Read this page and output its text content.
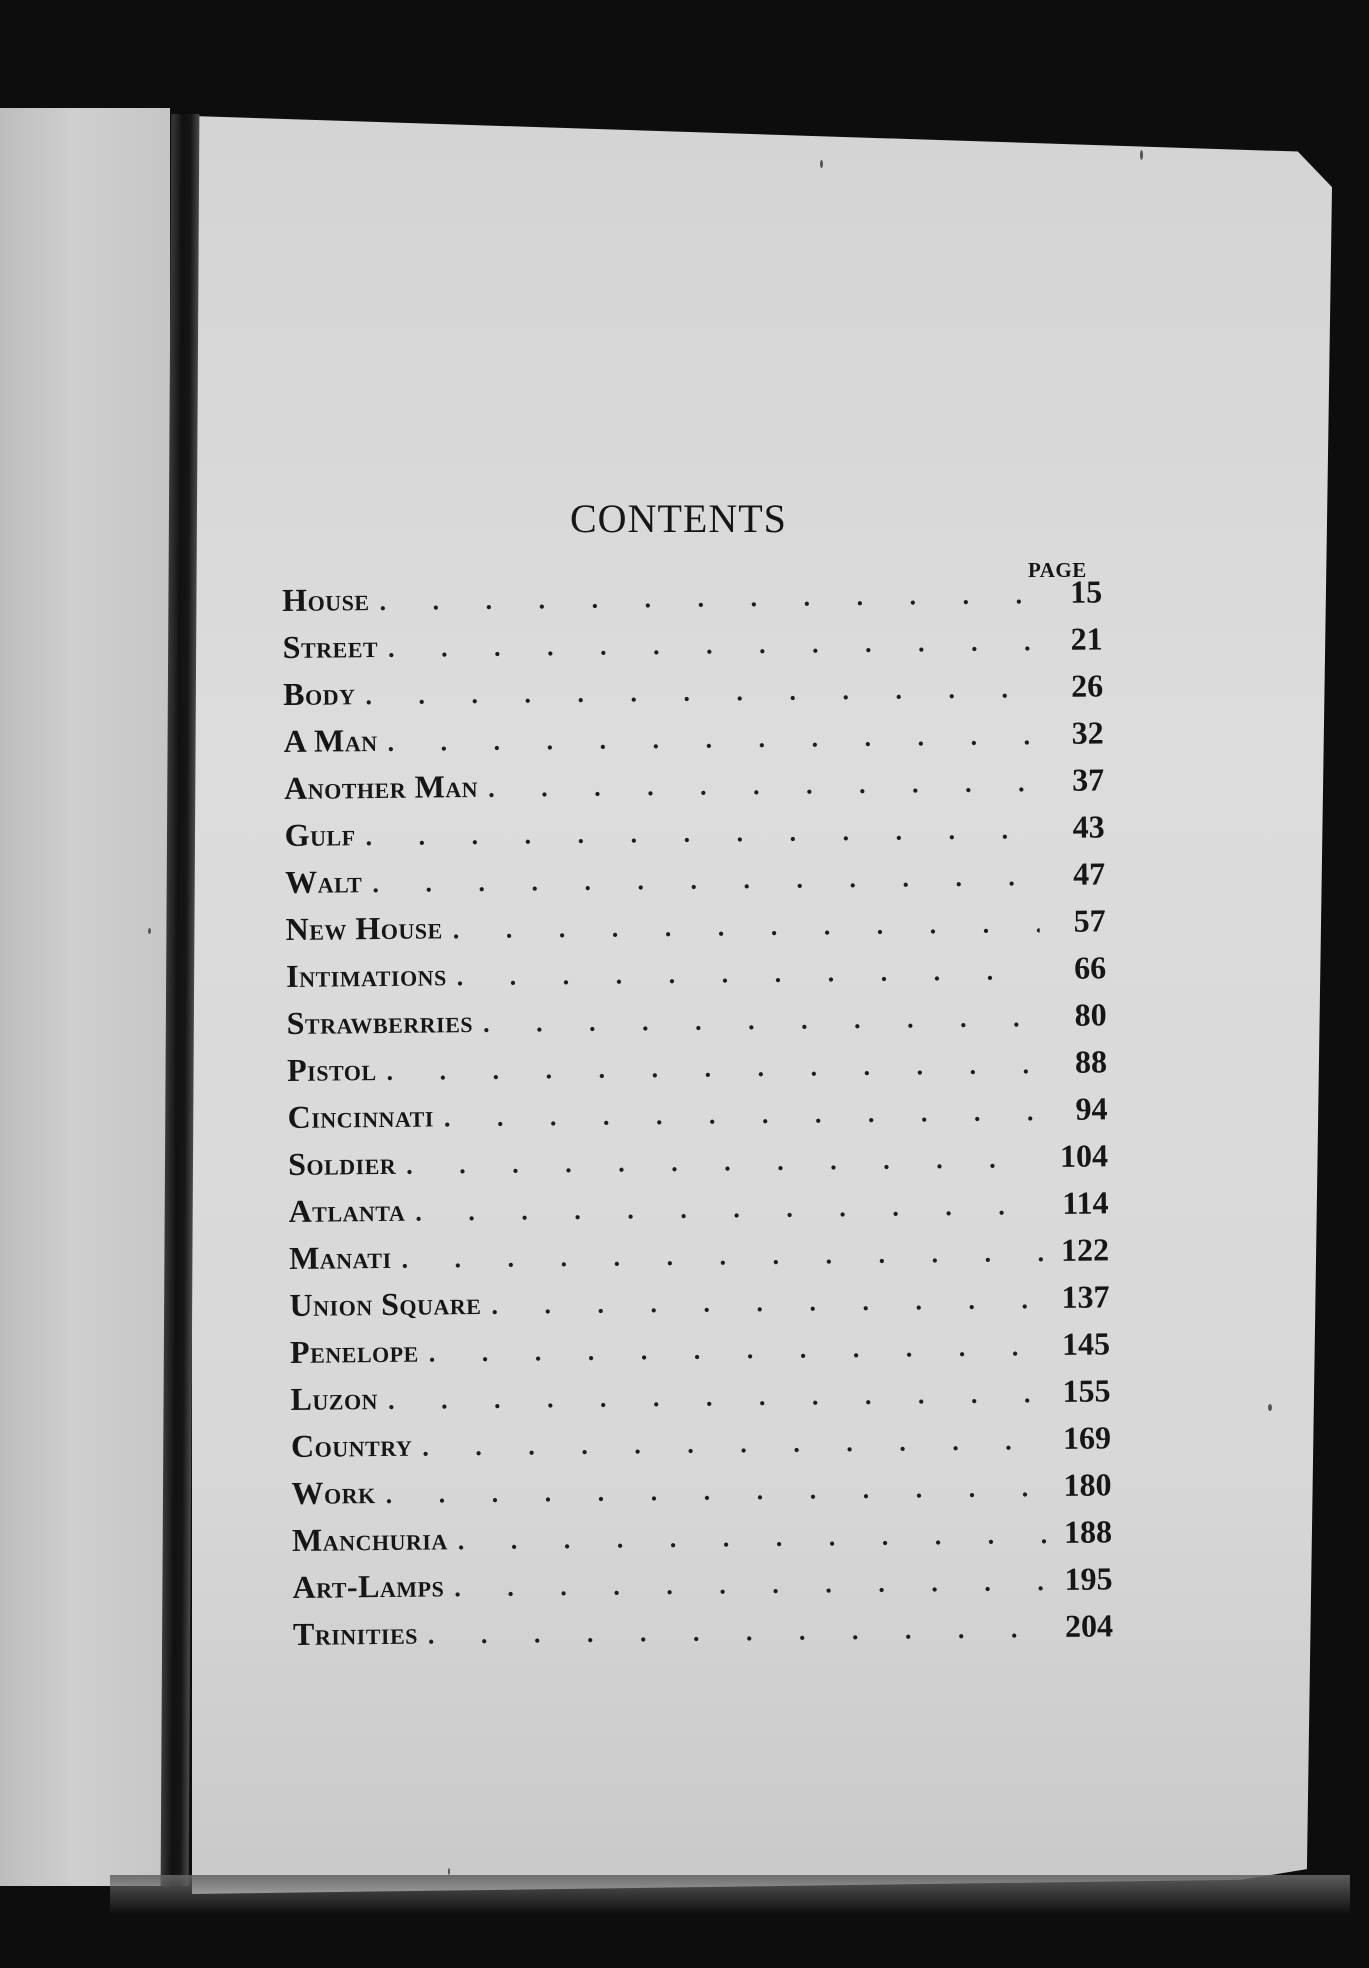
CONTENTS
PAGE
House . . .	15
Street . . .	21
Body . . .	26
A Man . . .	32
Another Man . . .	37
Gulf . . .	43
Walt . . .	47
New House . . .	57
Intimations . . .	66
Strawberries . . .	80
Pistol . . .	88
Cincinnati . . .	94
Soldier . . .	104
Atlanta . . .	114
Manati . . .	122
Union Square . . .	137
Penelope . . .	145
Luzon . . .	155
Country . . .	169
Work . . .	180
Manchuria . . .	188
Art-Lamps . . .	195
Trinities . . .	204
